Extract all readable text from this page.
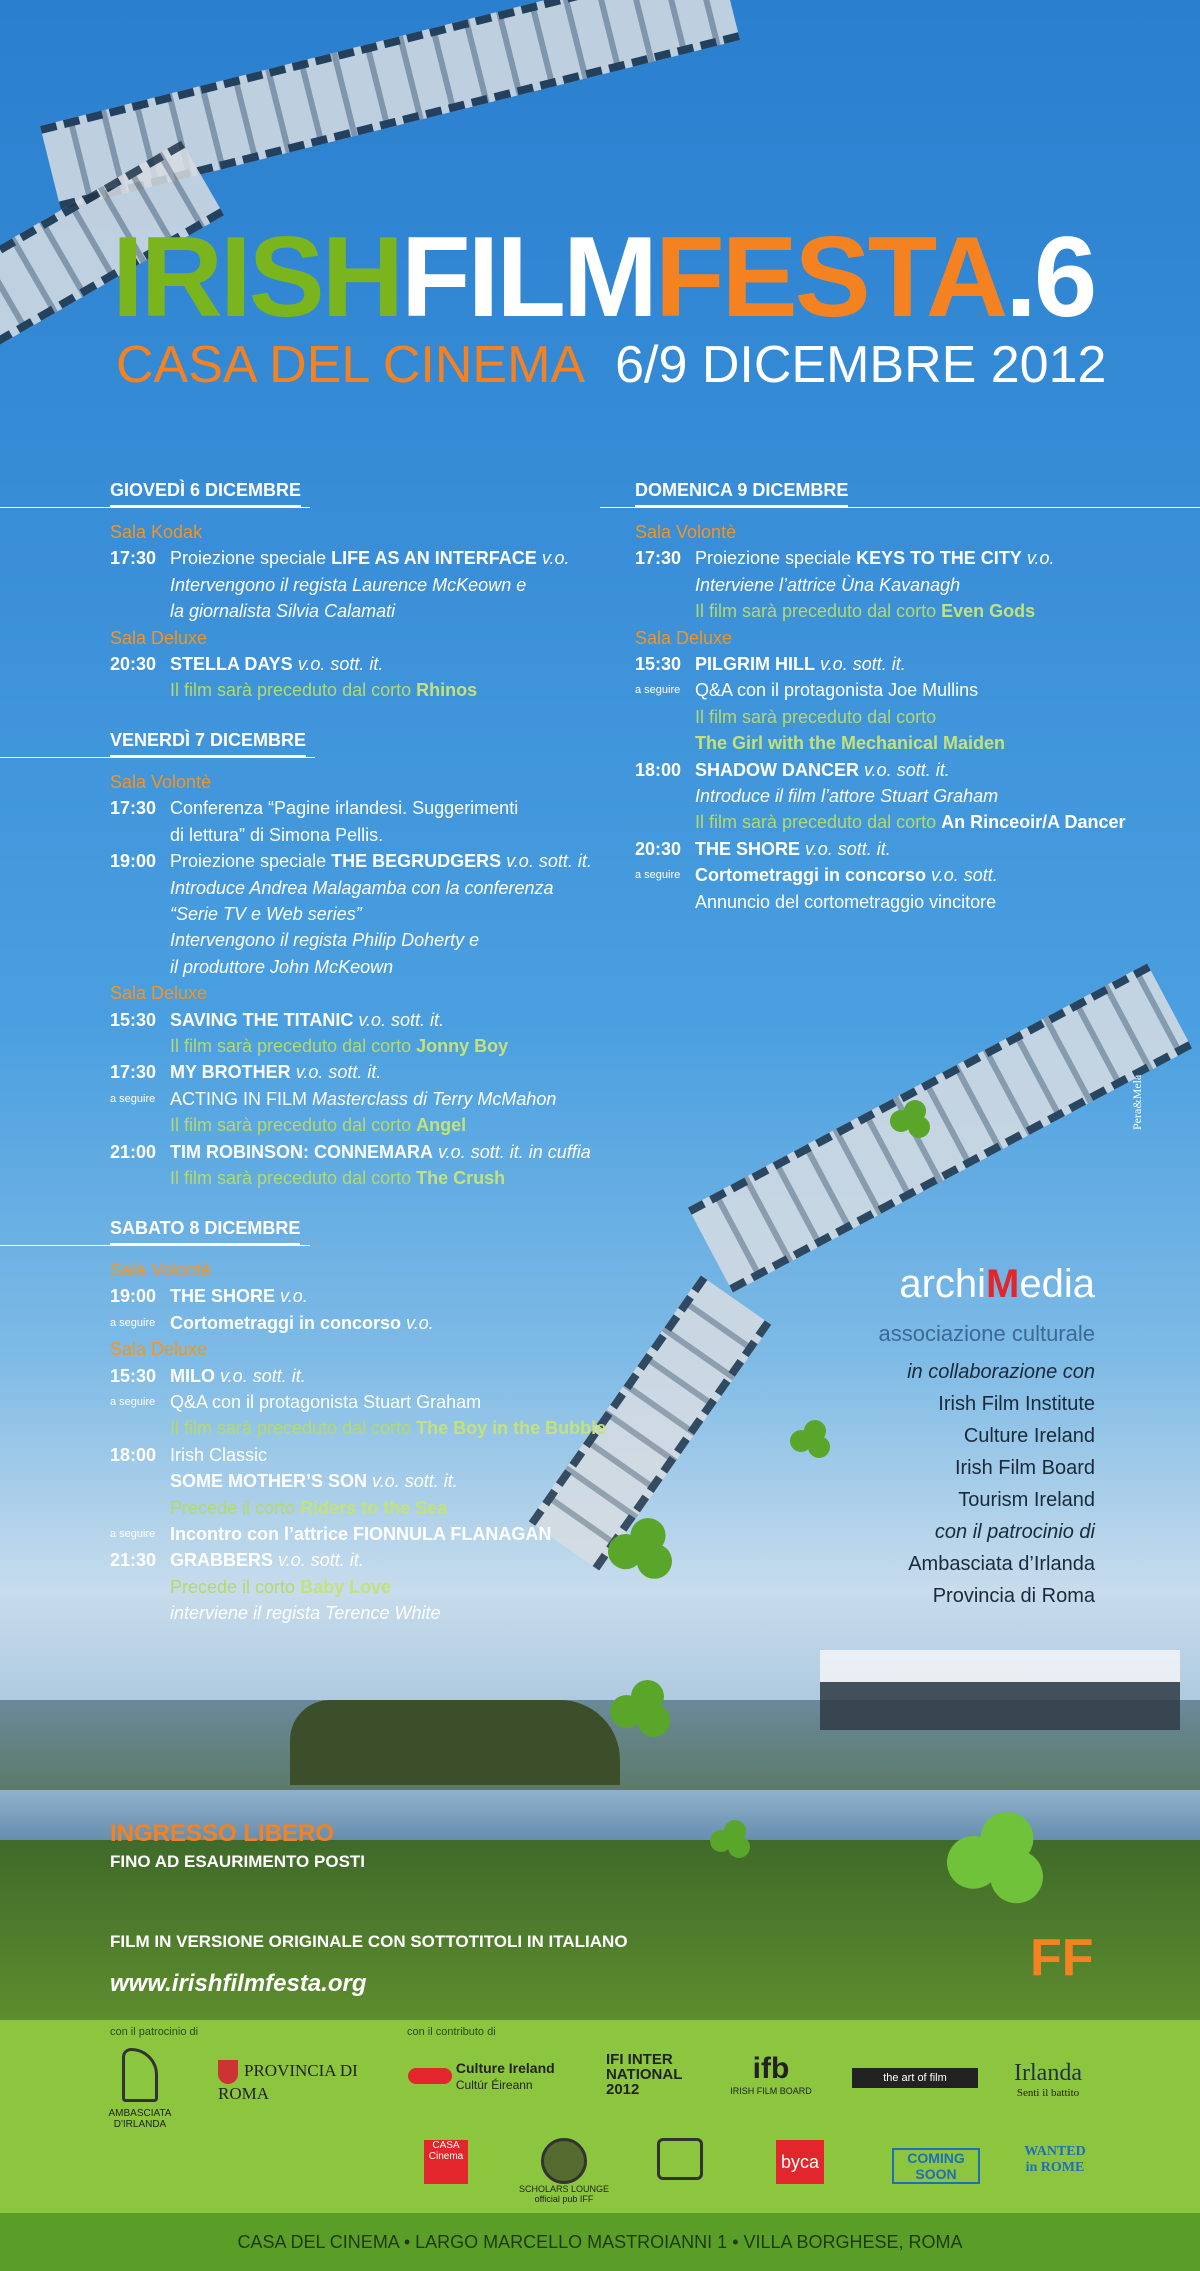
IRISHFILMFESTA.6
CASA DEL CINEMA 6/9 DICEMBRE 2012
GIOVEDÌ 6 DICEMBRE	DOMENICA 9 DICEMBRE
VENERDÌ 7 DICEMBRE
SABATO 8 DICEMBRE
Sala Kodak
17:30 Proiezione speciale LIFE AS AN INTERFACE v.o.
Intervengono il regista Laurence McKeown e
la giornalista Silvia Calamati
Sala Deluxe
20:30 STELLA DAYS v.o. sott. it.
Il film sarà preceduto dal corto Rhinos
Sala Volontè
17:30 Conferenza “Pagine irlandesi. Suggerimenti
di lettura” di Simona Pellis.
19:00 Proiezione speciale THE BEGRUDGERS v.o. sott. it.
Introduce Andrea Malagamba con la conferenza
“Serie TV e Web series”
Intervengono il regista Philip Doherty e
il produttore John McKeown
Sala Deluxe
15:30 SAVING THE TITANIC v.o. sott. it.
Il film sarà preceduto dal corto Jonny Boy
17:30 MY BROTHER v.o. sott. it.
a seguire ACTING IN FILM Masterclass di Terry McMahon
Il film sarà preceduto dal corto Angel
21:00 TIM ROBINSON: CONNEMARA v.o. sott. it. in cuffia
Il film sarà preceduto dal corto The Crush
Sala Volontè
19:00 THE SHORE v.o.
a seguire Cortometraggi in concorso v.o.
Sala Deluxe
15:30 MILO v.o. sott. it.
a seguire Q&A con il protagonista Stuart Graham
Il film sarà preceduto dal corto The Boy in the Bubble
18:00 Irish Classic
SOME MOTHER’S SON v.o. sott. it.
Precede il corto Riders to the Sea
a seguire Incontro con l’attrice FIONNULA FLANAGAN
21:30 GRABBERS v.o. sott. it.
Precede il corto Baby Love
interviene il regista Terence White
Sala Volontè
17:30 Proiezione speciale KEYS TO THE CITY v.o.
Interviene l’attrice Ùna Kavanagh
Il film sarà preceduto dal corto Even Gods
Sala Deluxe
15:30 PILGRIM HILL v.o. sott. it.
a seguire Q&A con il protagonista Joe Mullins
Il film sarà preceduto dal corto
The Girl with the Mechanical Maiden
18:00 SHADOW DANCER v.o. sott. it.
Introduce il film l’attore Stuart Graham
Il film sarà preceduto dal corto An Rinceoir/A Dancer
20:30 THE SHORE v.o. sott. it.
a seguire Cortometraggi in concorso v.o. sott.
Annuncio del cortometraggio vincitore
Pera&Mela
archiMedia
associazione culturale
in collaborazione con
Irish Film Institute
Culture Ireland
Irish Film Board
Tourism Ireland
con il patrocinio di
Ambasciata d’Irlanda
Provincia di Roma
INGRESSO LIBERO
FINO AD ESAURIMENTO POSTI
FILM IN VERSIONE ORIGINALE CON SOTTOTITOLI IN ITALIANO
www.irishfilmfesta.org	FF
con il patrocinio di	con il contributo di
AMBASCIATA D'IRLANDA
PROVINCIA DI ROMA
Culture Ireland
Cultúr Éireann
IFI INTER NATIONAL 2012
ifb
IRISH FILM BOARD
the art of film	Irlanda
Senti il battito
CASA Cinema
SCHOLARS LOUNGE
official pub IFF
byca	COMING SOON
WANTED in ROME
CASA DEL CINEMA • LARGO MARCELLO MASTROIANNI 1 • VILLA BORGHESE, ROMA
